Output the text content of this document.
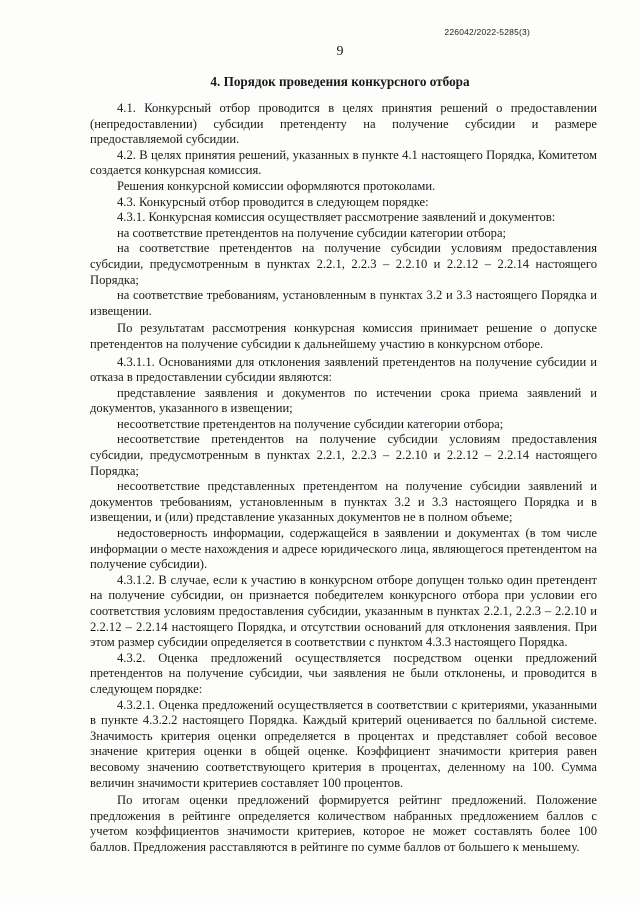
226042/2022-5285(3)
9
4. Порядок проведения конкурсного отбора

4.1. Конкурсный отбор проводится в целях принятия решений о предоставлении (непредоставлении) субсидии претенденту на получение субсидии и размере предоставляемой субсидии.

4.2. В целях принятия решений, указанных в пункте 4.1 настоящего Порядка, Комитетом создается конкурсная комиссия.

Решения конкурсной комиссии оформляются протоколами.

4.3. Конкурсный отбор проводится в следующем порядке:

4.3.1. Конкурсная комиссия осуществляет рассмотрение заявлений и документов:

на соответствие претендентов на получение субсидии категории отбора;

на соответствие претендентов на получение субсидии условиям предоставления субсидии, предусмотренным в пунктах 2.2.1, 2.2.3 – 2.2.10 и 2.2.12 – 2.2.14 настоящего Порядка;

на соответствие требованиям, установленным в пунктах 3.2 и 3.3 настоящего Порядка и извещении.

По результатам рассмотрения конкурсная комиссия принимает решение о допуске претендентов на получение субсидии к дальнейшему участию в конкурсном отборе.

4.3.1.1. Основаниями для отклонения заявлений претендентов на получение субсидии и отказа в предоставлении субсидии являются:

представление заявления и документов по истечении срока приема заявлений и документов, указанного в извещении;

несоответствие претендентов на получение субсидии категории отбора;

несоответствие претендентов на получение субсидии условиям предоставления субсидии, предусмотренным в пунктах 2.2.1, 2.2.3 – 2.2.10 и 2.2.12 – 2.2.14 настоящего Порядка;

несоответствие представленных претендентом на получение субсидии заявлений и документов требованиям, установленным в пунктах 3.2 и 3.3 настоящего Порядка и в извещении, и (или) представление указанных документов не в полном объеме;

недостоверность информации, содержащейся в заявлении и документах (в том числе информации о месте нахождения и адресе юридического лица, являющегося претендентом на получение субсидии).

4.3.1.2. В случае, если к участию в конкурсном отборе допущен только один претендент на получение субсидии, он признается победителем конкурсного отбора при условии его соответствия условиям предоставления субсидии, указанным в пунктах 2.2.1, 2.2.3 – 2.2.10 и 2.2.12 – 2.2.14 настоящего Порядка, и отсутствии оснований для отклонения заявления. При этом размер субсидии определяется в соответствии с пунктом 4.3.3 настоящего Порядка.

4.3.2. Оценка предложений осуществляется посредством оценки предложений претендентов на получение субсидии, чьи заявления не были отклонены, и проводится в следующем порядке:

4.3.2.1. Оценка предложений осуществляется в соответствии с критериями, указанными в пункте 4.3.2.2 настоящего Порядка. Каждый критерий оценивается по балльной системе. Значимость критерия оценки определяется в процентах и представляет собой весовое значение критерия оценки в общей оценке. Коэффициент значимости критерия равен весовому значению соответствующего критерия в процентах, деленному на 100. Сумма величин значимости критериев составляет 100 процентов.

По итогам оценки предложений формируется рейтинг предложений. Положение предложения в рейтинге определяется количеством набранных предложением баллов с учетом коэффициентов значимости критериев, которое не может составлять более 100 баллов. Предложения расставляются в рейтинге по сумме баллов от большего к меньшему.
